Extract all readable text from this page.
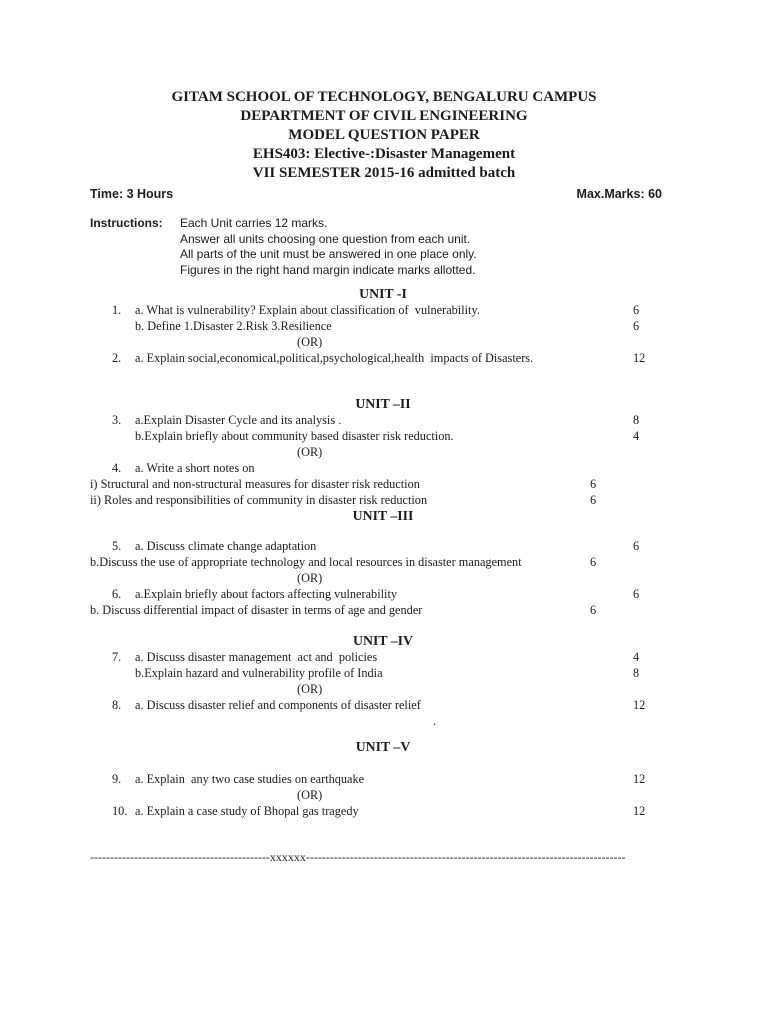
GITAM SCHOOL OF TECHNOLOGY, BENGALURU CAMPUS
DEPARTMENT OF CIVIL ENGINEERING
MODEL QUESTION PAPER
EHS403: Elective-:Disaster Management
VII SEMESTER 2015-16 admitted batch
Time: 3 Hours	Max.Marks: 60
Instructions:	Each Unit carries 12 marks.
Answer all units choosing one question from each unit.
All parts of the unit must be answered in one place only.
Figures in the right hand margin indicate marks allotted.
UNIT -I
1. a. What is vulnerability? Explain about classification of  vulnerability.	6
b. Define 1.Disaster 2.Risk 3.Resilience	6
(OR)
2. a. Explain social,economical,political,psychological,health  impacts of Disasters.	12
UNIT –II
3. a.Explain Disaster Cycle and its analysis .	8
b.Explain briefly about community based disaster risk reduction.	4
(OR)
4. a. Write a short notes on
i) Structural and non-structural measures for disaster risk reduction	6
ii) Roles and responsibilities of community in disaster risk reduction	6
UNIT –III
5. a. Discuss climate change adaptation	6
b.Discuss the use of appropriate technology and local resources in disaster management	6
(OR)
6. a.Explain briefly about factors affecting vulnerability	6
b. Discuss differential impact of disaster in terms of age and gender	6
UNIT –IV
7. a. Discuss disaster management  act and  policies	4
b.Explain hazard and vulnerability profile of India	8
(OR)
8. a. Discuss disaster relief and components of disaster relief	12
.
UNIT –V
9. a. Explain  any two case studies on earthquake	12
(OR)
10. a. Explain a case study of Bhopal gas tragedy	12
---------------------------------------------xxxxxx--------------------------------------------------------------------------------
